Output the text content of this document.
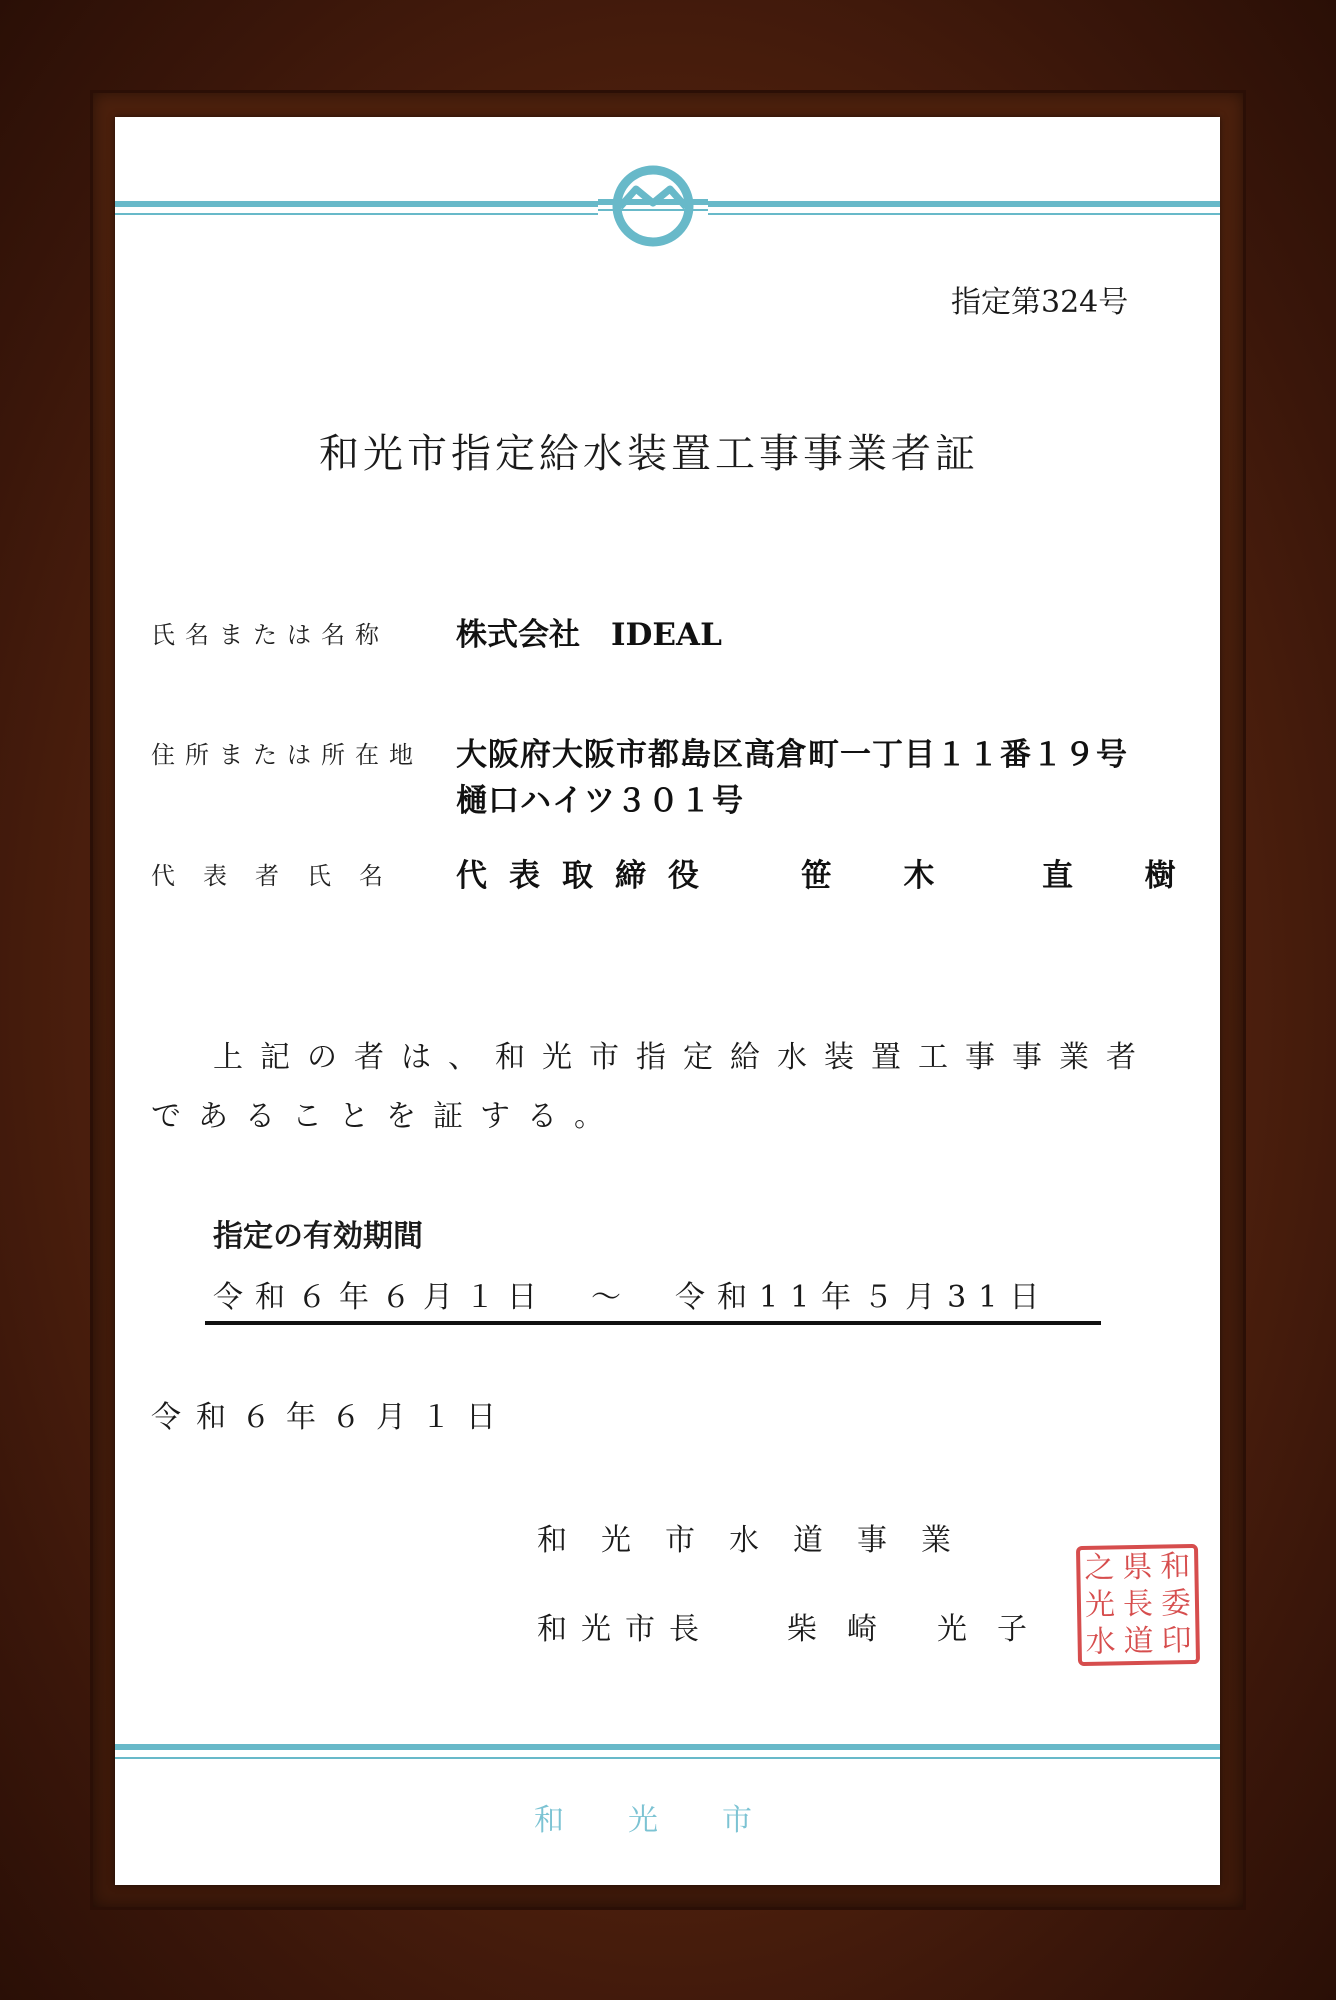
指定第324号
和光市指定給水装置工事事業者証
氏名または名称 株式会社　IDEAL
住所または所在地 大阪府大阪市都島区高倉町一丁目１１番１９号
樋口ハイツ３０１号
代表者氏名 代表取締役	笹 木	直 樹
上記の者は、和光市指定給水装置工事事業者
であることを証する。
指定の有効期間
令和６年６月１日　～　令和11年５月31日
令和６年６月１日
和光市水道事業
和光市長 柴　崎　　光　子
之 県 和
光 長 委
水 道 印
和光市
